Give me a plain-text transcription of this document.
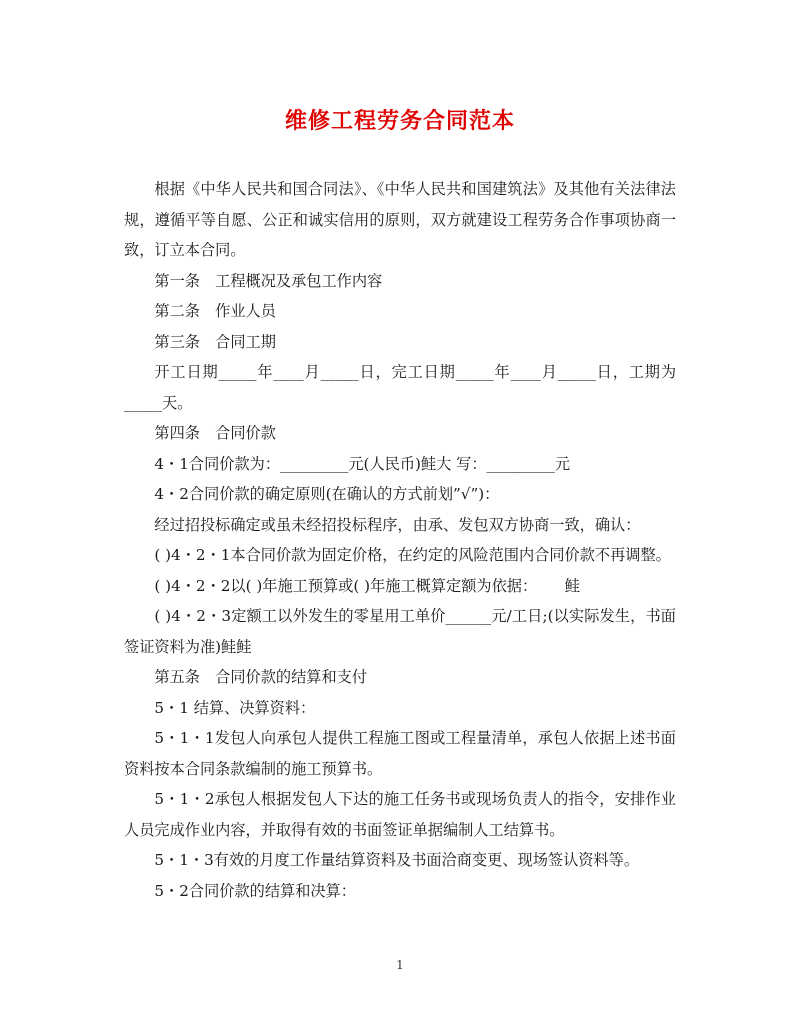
维修工程劳务合同范本

根据《中华人民共和国合同法》、《中华人民共和国建筑法》及其他有关法律法规，遵循平等自愿、公正和诚实信用的原则，双方就建设工程劳务合作事项协商一致，订立本合同。

第一条　工程概况及承包工作内容

第二条　作业人员

第三条　合同工期

开工日期_____年____月_____日，完工日期_____年____月_____日，工期为_____天。

第四条　合同价款

4・1合同价款为：_________元(人民币)鲑大 写：_________元

4・2合同价款的确定原则(在确认的方式前划”√”)：

经过招投标确定或虽未经招投标程序，由承、发包双方协商一致，确认：

( )4・2・1本合同价款为固定价格，在约定的风险范围内合同价款不再调整。

( )4・2・2以( )年施工预算或( )年施工概算定额为依据：　　 鲑

( )4・2・3定额工以外发生的零星用工单价______元/工日;(以实际发生，书面签证资料为准)鲑鲑

第五条　合同价款的结算和支付

5・1 结算、决算资料：

5・1・1发包人向承包人提供工程施工图或工程量清单，承包人依据上述书面资料按本合同条款编制的施工预算书。

5・1・2承包人根据发包人下达的施工任务书或现场负责人的指令，安排作业人员完成作业内容，并取得有效的书面签证单据编制人工结算书。

5・1・3有效的月度工作量结算资料及书面洽商变更、现场签认资料等。

5・2合同价款的结算和决算：

1
